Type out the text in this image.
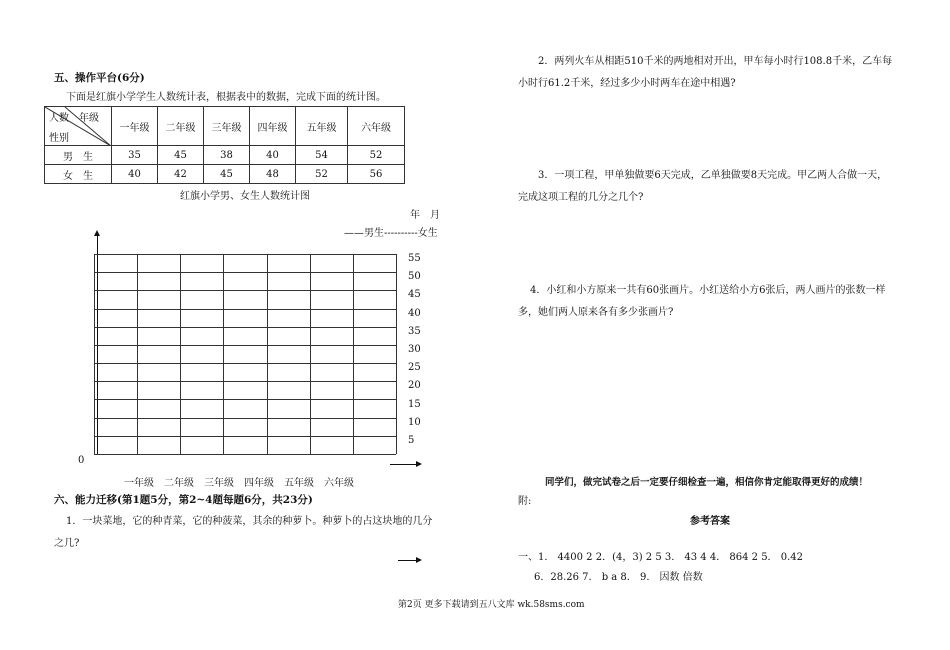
五、操作平台(6分)
下面是红旗小学学生人数统计表，根据表中的数据，完成下面的统计图。
人数　年级
性别	一年级	二年级	三年级	四年级	五年级	六年级
男　生	35	45	38	40	54	52
女　生	40	42	45	48	52	56
红旗小学男、女生人数统计图
年　月
——男生----------女生
55
50
45
40
35
30
25
20
15
10
5
0
一年级　二年级　三年级　四年级　五年级　六年级
六、能力迁移(第1题5分，第2~4题每题6分，共23分)
1．一块菜地，它的种青菜，它的种菠菜，其余的种萝卜。种萝卜的占这块地的几分
之几?
2．两列火车从相距510千米的两地相对开出，甲车每小时行108.8千米，乙车每
小时行61.2千米，经过多少小时两车在途中相遇?
3．一项工程，甲单独做要6天完成，乙单独做要8天完成。甲乙两人合做一天，
完成这项工程的几分之几个?
4．小红和小方原来一共有60张画片。小红送给小方6张后，两人画片的张数一样
多，她们两人原来各有多少张画片?
同学们，做完试卷之后一定要仔细检查一遍，相信你肯定能取得更好的成绩！
附:
参考答案
一、1． 4400 2 2．(4，3) 2 5 3． 43 4 4． 864 2 5． 0.42
6．28.26 7． b a 8． 9． 因数 倍数
第2页 更多下载请到五八文库 wk.58sms.com
